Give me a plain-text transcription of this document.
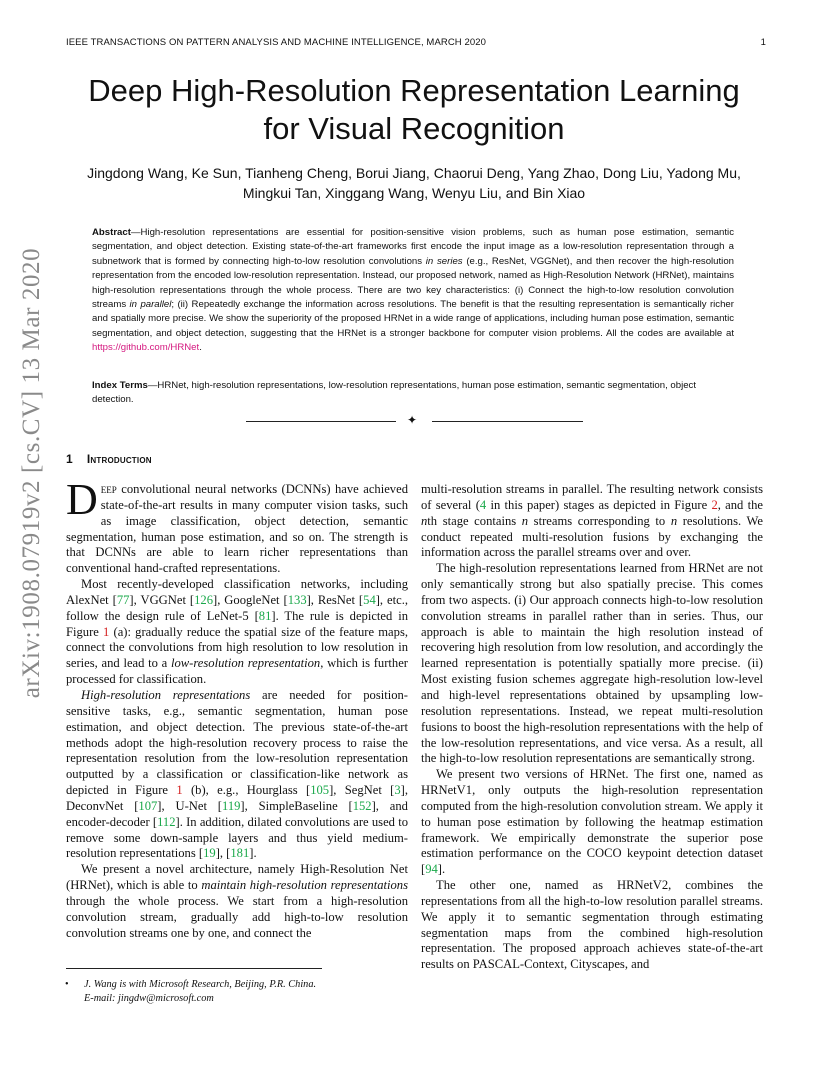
IEEE TRANSACTIONS ON PATTERN ANALYSIS AND MACHINE INTELLIGENCE, MARCH 2020	1
arXiv:1908.07919v2 [cs.CV] 13 Mar 2020
Deep High-Resolution Representation Learning
for Visual Recognition
Jingdong Wang, Ke Sun, Tianheng Cheng, Borui Jiang, Chaorui Deng, Yang Zhao, Dong Liu, Yadong Mu,
Mingkui Tan, Xinggang Wang, Wenyu Liu, and Bin Xiao
Abstract—High-resolution representations are essential for position-sensitive vision problems, such as human pose estimation, semantic segmentation, and object detection. Existing state-of-the-art frameworks first encode the input image as a low-resolution representation through a subnetwork that is formed by connecting high-to-low resolution convolutions in series (e.g., ResNet, VGGNet), and then recover the high-resolution representation from the encoded low-resolution representation. Instead, our proposed network, named as High-Resolution Network (HRNet), maintains high-resolution representations through the whole process. There are two key characteristics: (i) Connect the high-to-low resolution convolution streams in parallel; (ii) Repeatedly exchange the information across resolutions. The benefit is that the resulting representation is semantically richer and spatially more precise. We show the superiority of the proposed HRNet in a wide range of applications, including human pose estimation, semantic segmentation, and object detection, suggesting that the HRNet is a stronger backbone for computer vision problems. All the codes are available at https://github.com/HRNet.
Index Terms—HRNet, high-resolution representations, low-resolution representations, human pose estimation, semantic segmentation, object detection.
✦
1 Introduction

Deep convolutional neural networks (DCNNs) have achieved state-of-the-art results in many computer vision tasks, such as image classification, object detection, semantic segmentation, human pose estimation, and so on. The strength is that DCNNs are able to learn richer representations than conventional hand-crafted representations.

Most recently-developed classification networks, including AlexNet [77], VGGNet [126], GoogleNet [133], ResNet [54], etc., follow the design rule of LeNet-5 [81]. The rule is depicted in Figure 1 (a): gradually reduce the spatial size of the feature maps, connect the convolutions from high resolution to low resolution in series, and lead to a low-resolution representation, which is further processed for classification.

High-resolution representations are needed for position-sensitive tasks, e.g., semantic segmentation, human pose estimation, and object detection. The previous state-of-the-art methods adopt the high-resolution recovery process to raise the representation resolution from the low-resolution representation outputted by a classification or classification-like network as depicted in Figure 1 (b), e.g., Hourglass [105], SegNet [3], DeconvNet [107], U-Net [119], SimpleBaseline [152], and encoder-decoder [112]. In addition, dilated convolutions are used to remove some down-sample layers and thus yield medium-resolution representations [19], [181].

We present a novel architecture, namely High-Resolution Net (HRNet), which is able to maintain high-resolution representations through the whole process. We start from a high-resolution convolution stream, gradually add high-to-low resolution convolution streams one by one, and connect the

multi-resolution streams in parallel. The resulting network consists of several (4 in this paper) stages as depicted in Figure 2, and the nth stage contains n streams corresponding to n resolutions. We conduct repeated multi-resolution fusions by exchanging the information across the parallel streams over and over.

The high-resolution representations learned from HRNet are not only semantically strong but also spatially precise. This comes from two aspects. (i) Our approach connects high-to-low resolution convolution streams in parallel rather than in series. Thus, our approach is able to maintain the high resolution instead of recovering high resolution from low resolution, and accordingly the learned representation is potentially spatially more precise. (ii) Most existing fusion schemes aggregate high-resolution low-level and high-level representations obtained by upsampling low-resolution representations. Instead, we repeat multi-resolution fusions to boost the high-resolution representations with the help of the low-resolution representations, and vice versa. As a result, all the high-to-low resolution representations are semantically strong.

We present two versions of HRNet. The first one, named as HRNetV1, only outputs the high-resolution representation computed from the high-resolution convolution stream. We apply it to human pose estimation by following the heatmap estimation framework. We empirically demonstrate the superior pose estimation performance on the COCO keypoint detection dataset [94].

The other one, named as HRNetV2, combines the representations from all the high-to-low resolution parallel streams. We apply it to semantic segmentation through estimating segmentation maps from the combined high-resolution representation. The proposed approach achieves state-of-the-art results on PASCAL-Context, Cityscapes, and

•	J. Wang is with Microsoft Research, Beijing, P.R. China.
E-mail: jingdw@microsoft.com
